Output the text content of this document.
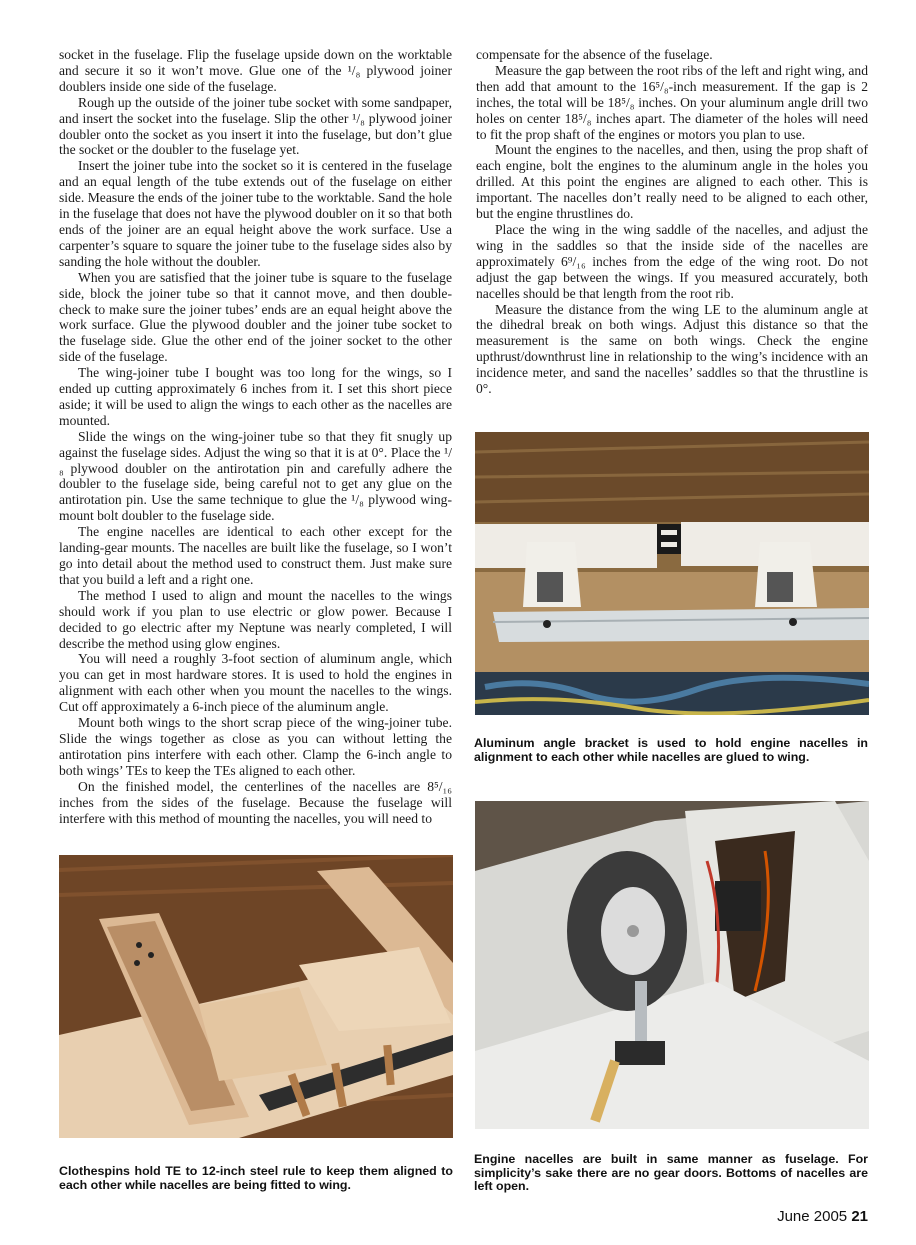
socket in the fuselage. Flip the fuselage upside down on the worktable and secure it so it won’t move. Glue one of the ¹/₈ plywood joiner doublers inside one side of the fuselage.

Rough up the outside of the joiner tube socket with some sandpaper, and insert the socket into the fuselage. Slip the other ¹/₈ plywood joiner doubler onto the socket as you insert it into the fuselage, but don’t glue the socket or the doubler to the fuselage yet.

Insert the joiner tube into the socket so it is centered in the fuselage and an equal length of the tube extends out of the fuselage on either side. Measure the ends of the joiner tube to the worktable. Sand the hole in the fuselage that does not have the plywood doubler on it so that both ends of the joiner are an equal height above the work surface. Use a carpenter’s square to square the joiner tube to the fuselage sides also by sanding the hole without the doubler.

When you are satisfied that the joiner tube is square to the fuselage side, block the joiner tube so that it cannot move, and then double-check to make sure the joiner tubes’ ends are an equal height above the work surface. Glue the plywood doubler and the joiner tube socket to the fuselage side. Glue the other end of the joiner socket to the other side of the fuselage.

The wing-joiner tube I bought was too long for the wings, so I ended up cutting approximately 6 inches from it. I set this short piece aside; it will be used to align the wings to each other as the nacelles are mounted.

Slide the wings on the wing-joiner tube so that they fit snugly up against the fuselage sides. Adjust the wing so that it is at 0°. Place the ¹/₈ plywood doubler on the antirotation pin and carefully adhere the doubler to the fuselage side, being careful not to get any glue on the antirotation pin. Use the same technique to glue the ¹/₈ plywood wing-mount bolt doubler to the fuselage side.

The engine nacelles are identical to each other except for the landing-gear mounts. The nacelles are built like the fuselage, so I won’t go into detail about the method used to construct them. Just make sure that you build a left and a right one.

The method I used to align and mount the nacelles to the wings should work if you plan to use electric or glow power. Because I decided to go electric after my Neptune was nearly completed, I will describe the method using glow engines.

You will need a roughly 3-foot section of aluminum angle, which you can get in most hardware stores. It is used to hold the engines in alignment with each other when you mount the nacelles to the wings. Cut off approximately a 6-inch piece of the aluminum angle.

Mount both wings to the short scrap piece of the wing-joiner tube. Slide the wings together as close as you can without letting the antirotation pins interfere with each other. Clamp the 6-inch angle to both wings’ TEs to keep the TEs aligned to each other.

On the finished model, the centerlines of the nacelles are 8⁵/₁₆ inches from the sides of the fuselage. Because the fuselage will interfere with this method of mounting the nacelles, you will need to

compensate for the absence of the fuselage.

Measure the gap between the root ribs of the left and right wing, and then add that amount to the 16⁵/₈-inch measurement. If the gap is 2 inches, the total will be 18⁵/₈ inches. On your aluminum angle drill two holes on center 18⁵/₈ inches apart. The diameter of the holes will need to fit the prop shaft of the engines or motors you plan to use.

Mount the engines to the nacelles, and then, using the prop shaft of each engine, bolt the engines to the aluminum angle in the holes you drilled. At this point the engines are aligned to each other. This is important. The nacelles don’t really need to be aligned to each other, but the engine thrustlines do.

Place the wing in the wing saddle of the nacelles, and adjust the wing in the saddles so that the inside side of the nacelles are approximately 6⁹/₁₆ inches from the edge of the wing root. Do not adjust the gap between the wings. If you measured accurately, both nacelles should be that length from the root rib.

Measure the distance from the wing LE to the aluminum angle at the dihedral break on both wings. Adjust this distance so that the measurement is the same on both wings. Check the engine upthrust/downthrust line in relationship to the wing’s incidence with an incidence meter, and sand the nacelles’ saddles so that the thrustline is 0°.

Aluminum angle bracket is used to hold engine nacelles in alignment to each other while nacelles are glued to wing.
Clothespins hold TE to 12-inch steel rule to keep them aligned to each other while nacelles are being fitted to wing.
Engine nacelles are built in same manner as fuselage. For simplicity’s sake there are no gear doors. Bottoms of nacelles are left open.
June 2005 21
